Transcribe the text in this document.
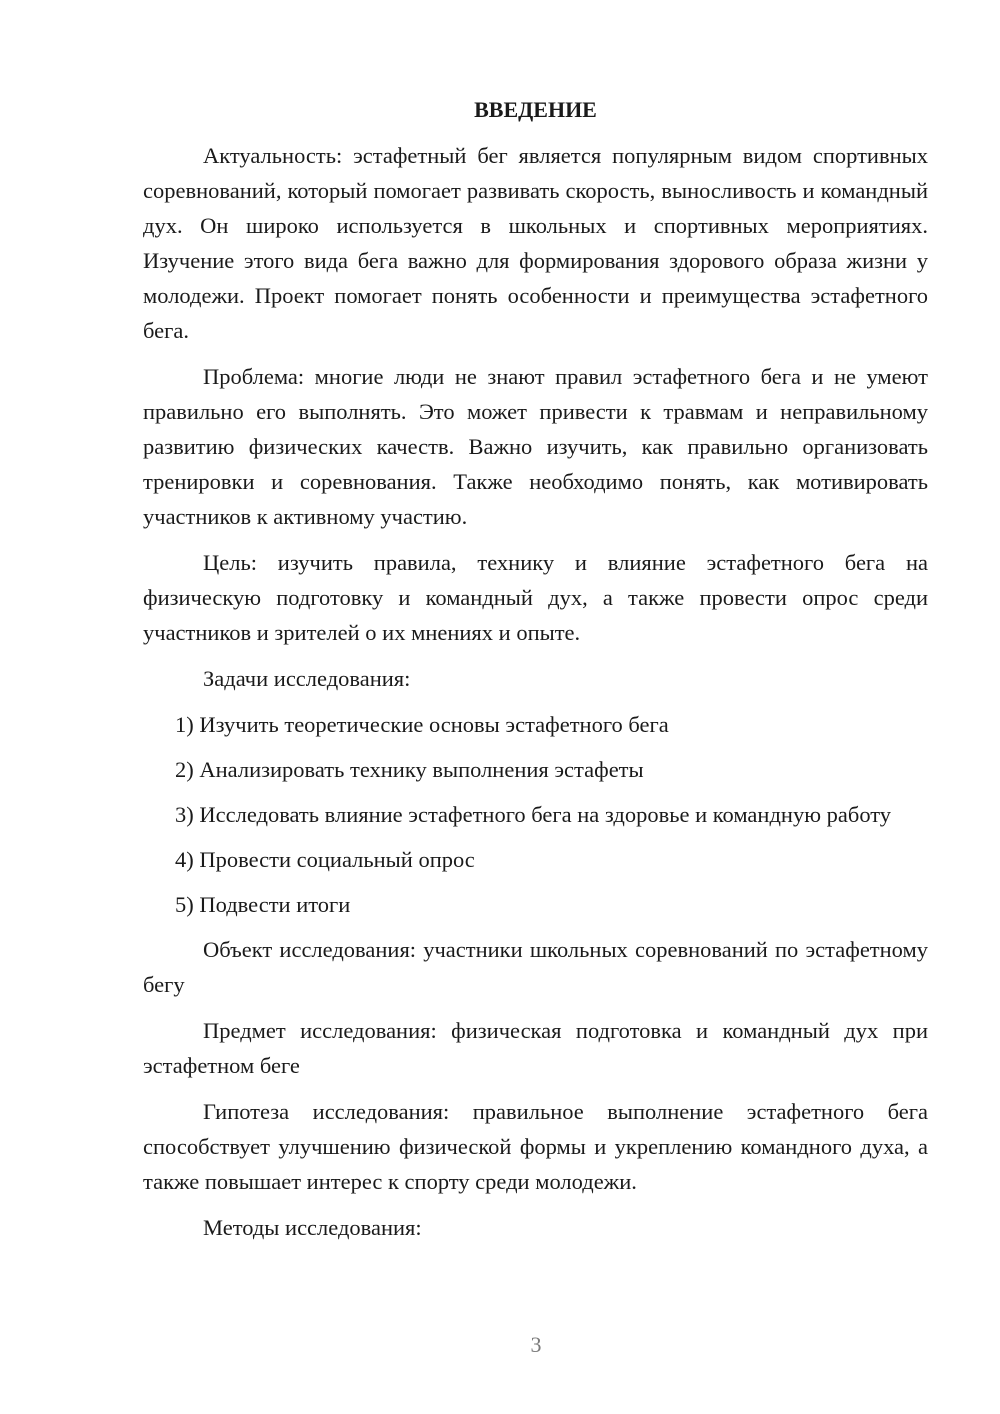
ВВЕДЕНИЕ

Актуальность: эстафетный бег является популярным видом спортивных соревнований, который помогает развивать скорость, выносливость и командный дух. Он широко используется в школьных и спортивных мероприятиях. Изучение этого вида бега важно для формирования здорового образа жизни у молодежи. Проект помогает понять особенности и преимущества эстафетного бега.

Проблема: многие люди не знают правил эстафетного бега и не умеют правильно его выполнять. Это может привести к травмам и неправильному развитию физических качеств. Важно изучить, как правильно организовать тренировки и соревнования. Также необходимо понять, как мотивировать участников к активному участию.

Цель: изучить правила, технику и влияние эстафетного бега на физическую подготовку и командный дух, а также провести опрос среди участников и зрителей о их мнениях и опыте.

Задачи исследования:

1) Изучить теоретические основы эстафетного бега

2) Анализировать технику выполнения эстафеты

3) Исследовать влияние эстафетного бега на здоровье и командную работу

4) Провести социальный опрос

5) Подвести итоги

Объект исследования: участники школьных соревнований по эстафетному бегу

Предмет исследования: физическая подготовка и командный дух при эстафетном беге

Гипотеза исследования: правильное выполнение эстафетного бега способствует улучшению физической формы и укреплению командного духа, а также повышает интерес к спорту среди молодежи.

Методы исследования:

3
